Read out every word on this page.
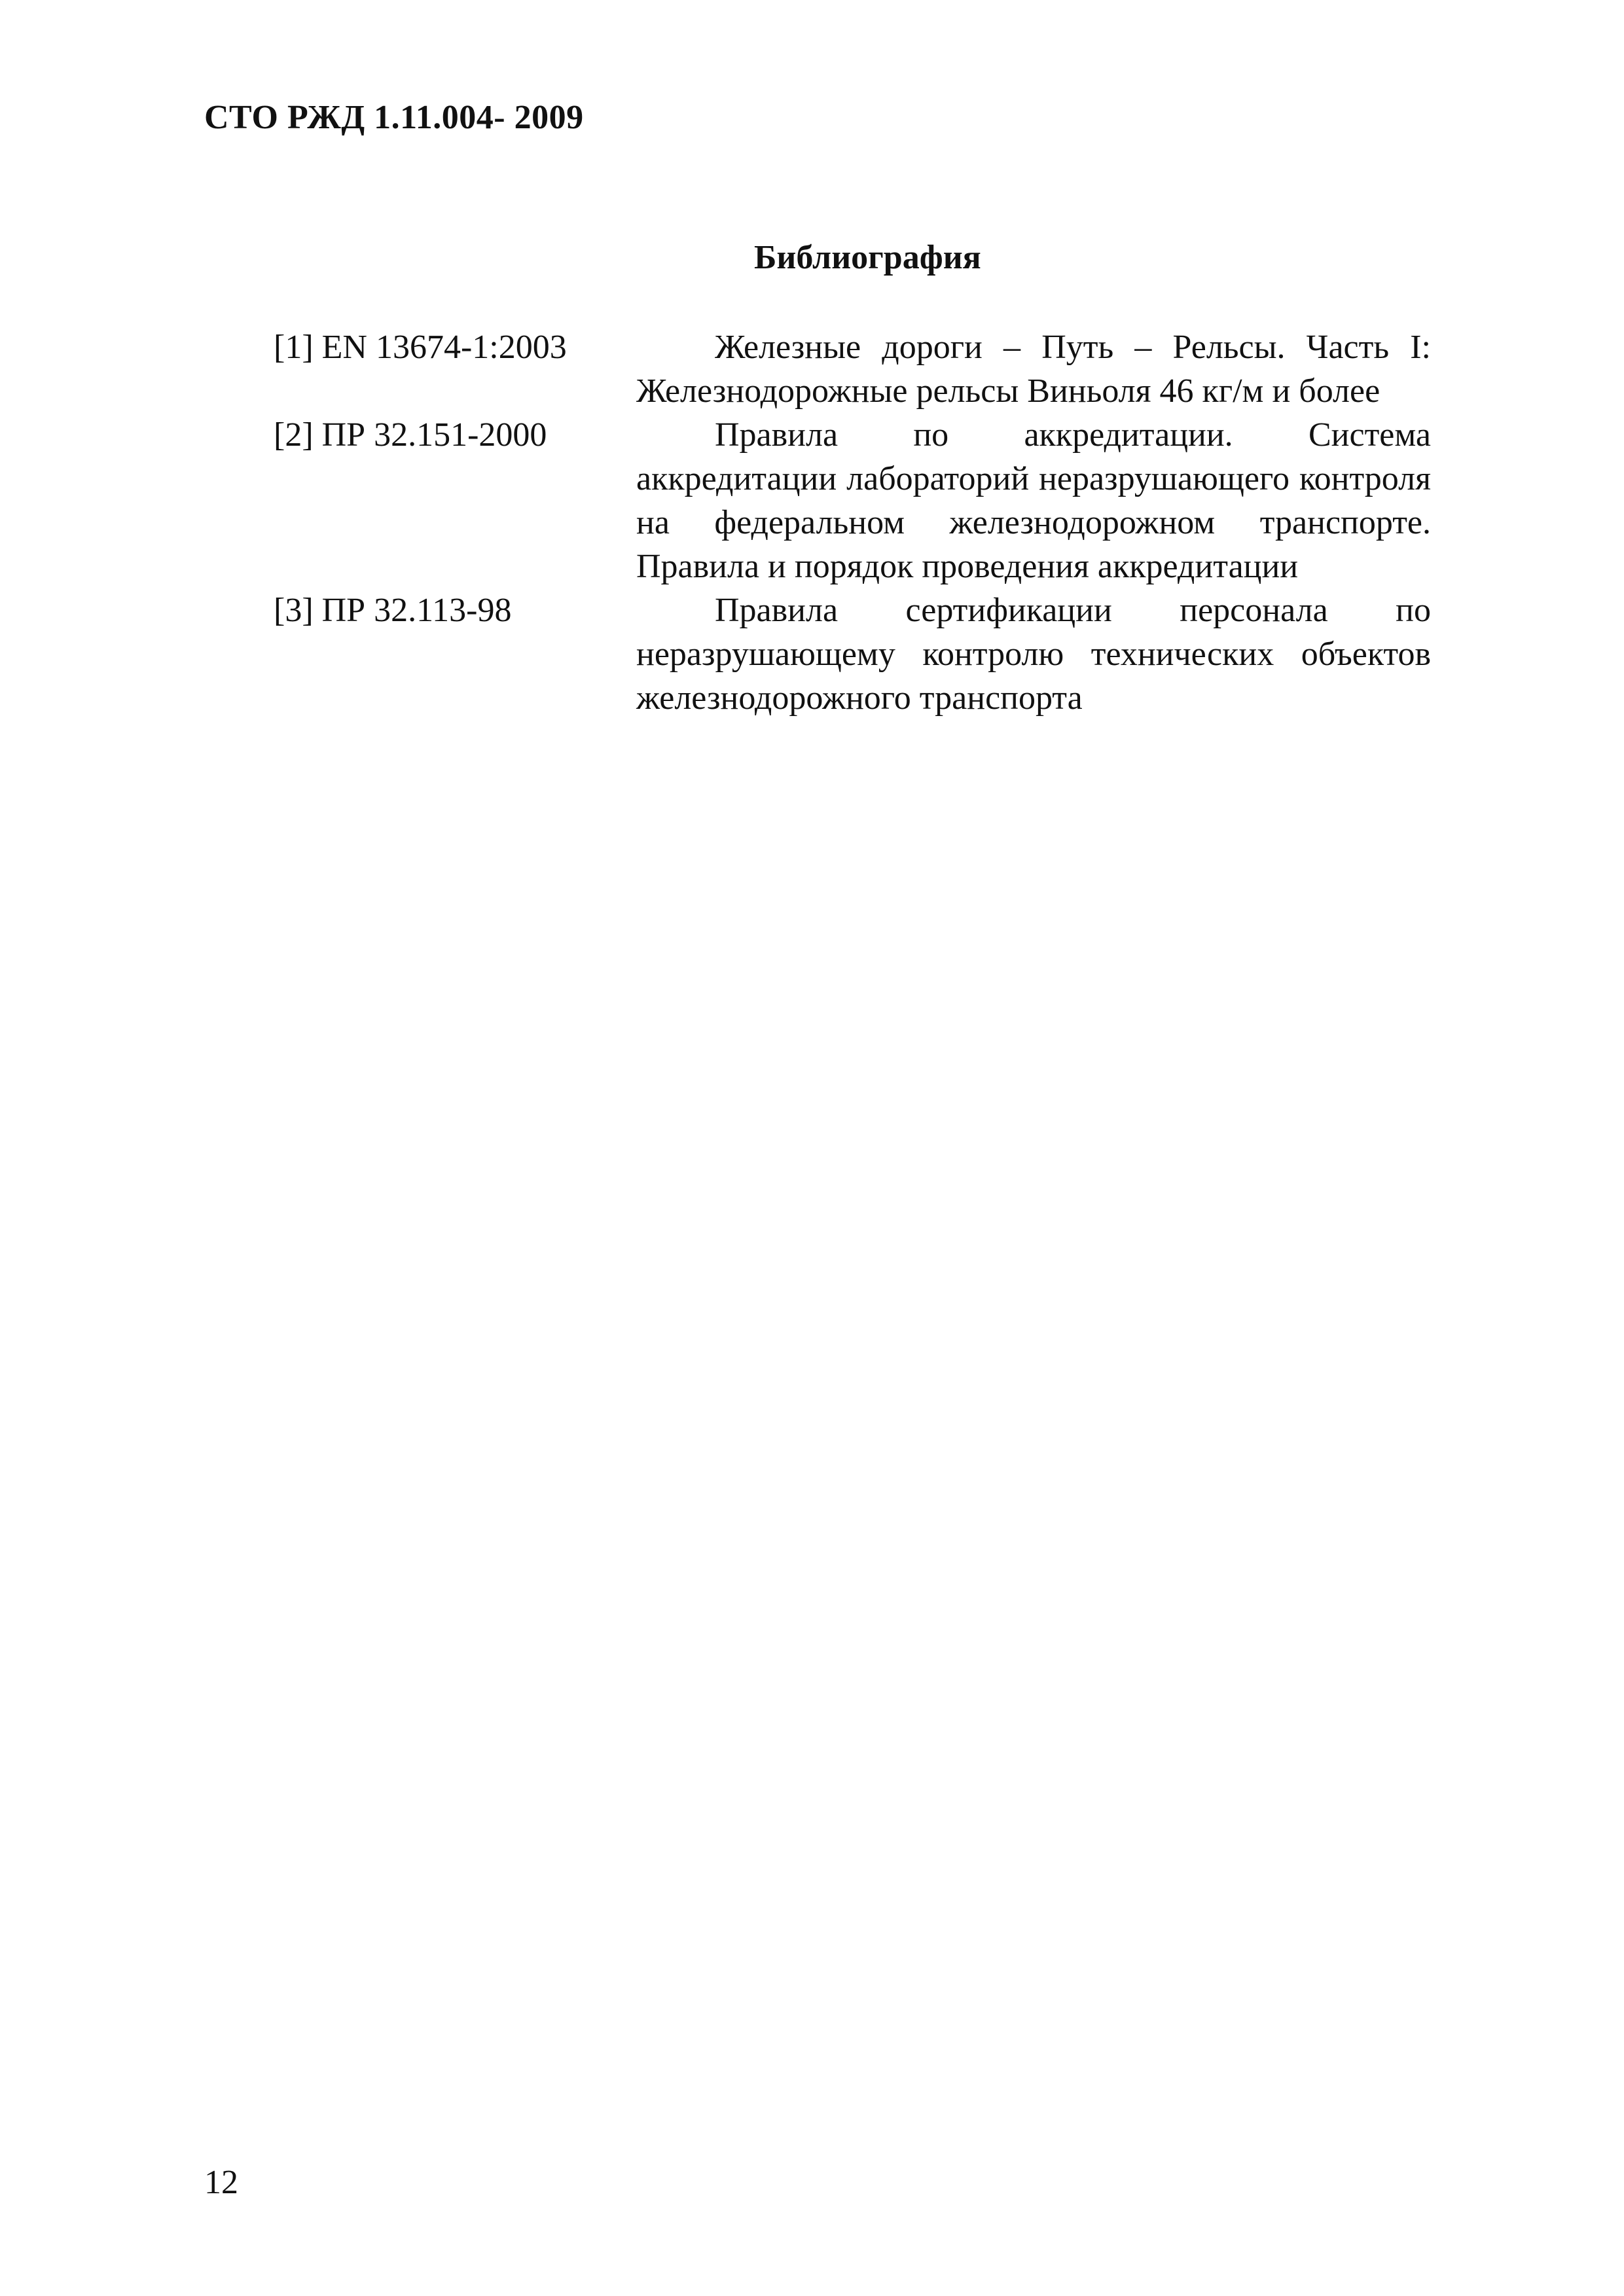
СТО РЖД 1.11.004- 2009
Библиография
[1] EN 13674-1:2003	Железные дороги – Путь – Рельсы. Часть I: Железнодорожные рельсы Виньоля 46 кг/м и более
[2] ПР 32.151-2000	Правила по аккредитации. Система аккредитации лабораторий неразрушающего контроля на федеральном железнодорожном транспорте. Правила и порядок проведения аккредитации
[3] ПР 32.113-98	Правила сертификации персонала по неразрушающему контролю технических объектов железнодорожного транспорта
12
